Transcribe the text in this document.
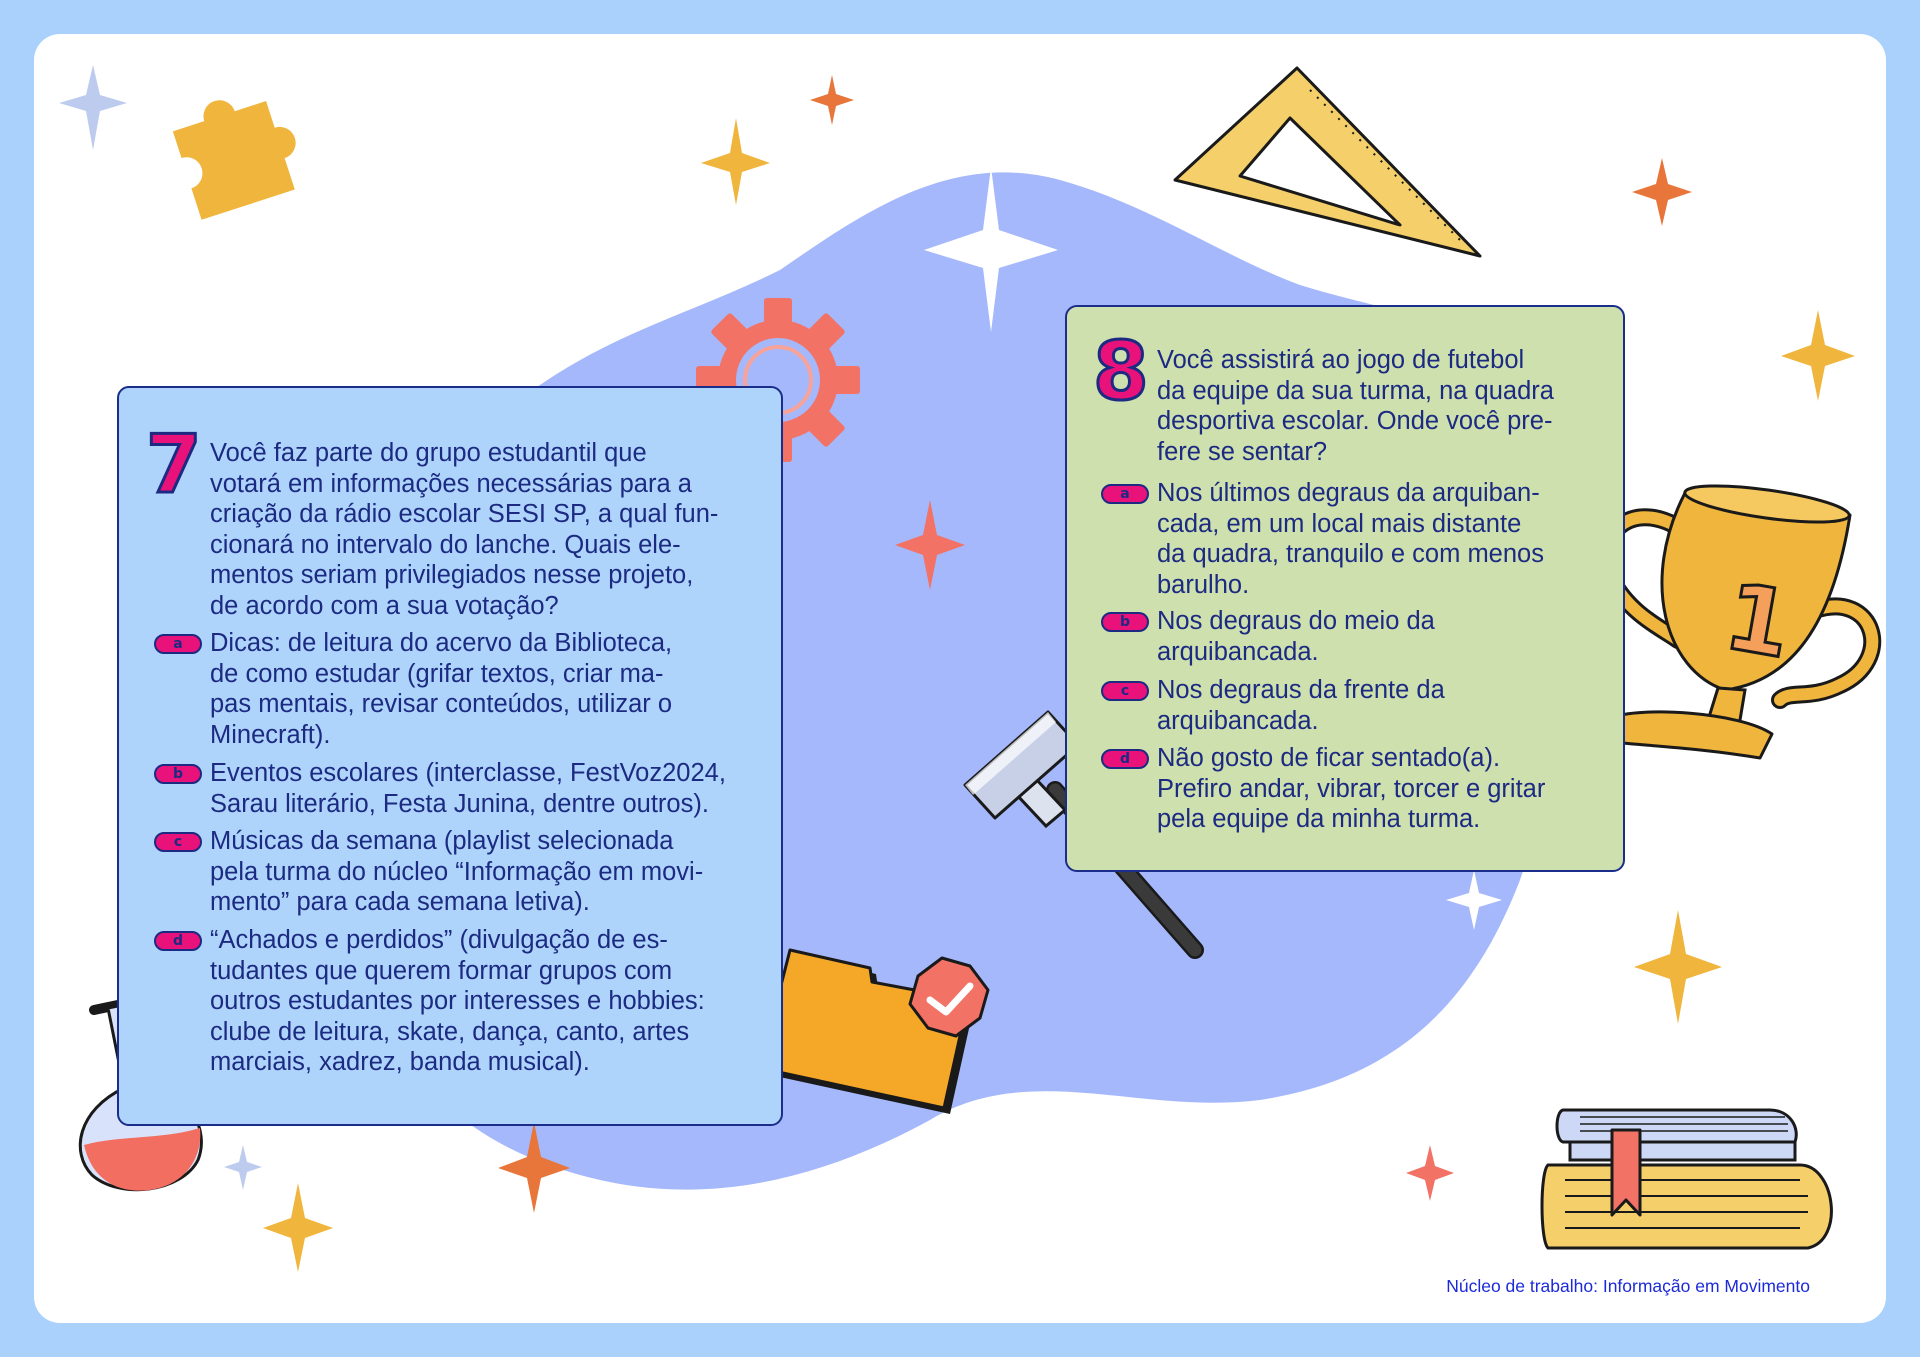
1
7 Você faz parte do grupo estudantil que
votará em informações necessárias para a
criação da rádio escolar SESI SP, a qual fun-
cionará no intervalo do lanche. Quais ele-
mentos seriam privilegiados nesse projeto,
de acordo com a sua votação?
a	Dicas: de leitura do acervo da Biblioteca,
de como estudar (grifar textos, criar ma-
pas mentais, revisar conteúdos, utilizar o
Minecraft).
b	Eventos escolares (interclasse, FestVoz2024,
Sarau literário, Festa Junina, dentre outros).
c	Músicas da semana (playlist selecionada
pela turma do núcleo “Informação em movi-
mento” para cada semana letiva).
d	“Achados e perdidos” (divulgação de es-
tudantes que querem formar grupos com
outros estudantes por interesses e hobbies:
clube de leitura, skate, dança, canto, artes
marciais, xadrez, banda musical).
8 Você assistirá ao jogo de futebol
da equipe da sua turma, na quadra
desportiva escolar. Onde você pre-
fere se sentar?
a	Nos últimos degraus da arquiban-
cada, em um local mais distante
da quadra, tranquilo e com menos
barulho.
b	Nos degraus do meio da
arquibancada.
c	Nos degraus da frente da
arquibancada.
d	Não gosto de ficar sentado(a).
Prefiro andar, vibrar, torcer e gritar
pela equipe da minha turma.
Núcleo de trabalho: Informação em Movimento
